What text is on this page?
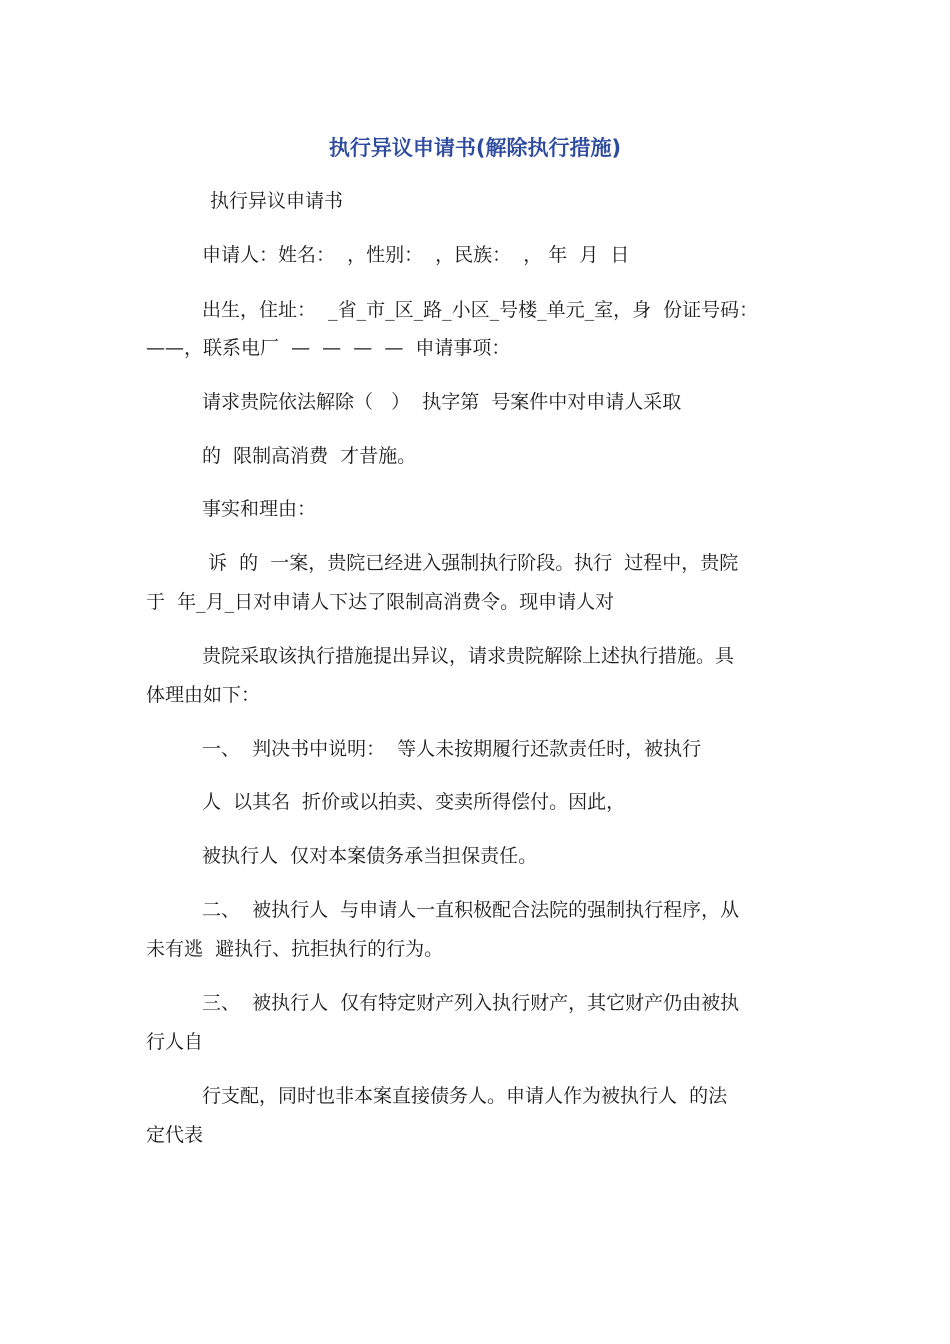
执行异议申请书(解除执行措施)

执行异议申请书

申请人：姓名：  ，性别：  ，民族：  ， 年  月  日

出生，住址：  _省_市_区_路_小区_号楼_单元_室，身  份证号码：

——，联系电厂  —  —  —  —  申请事项：

请求贵院依法解除（   ）  执字第  号案件中对申请人采取

的  限制高消费  才昔施。

事实和理由：

诉  的  一案，贵院已经进入强制执行阶段。执行  过程中，贵院

于  年_月_日对申请人下达了限制高消费令。现申请人对

贵院采取该执行措施提出异议，请求贵院解除上述执行措施。具

体理由如下：

一、  判决书中说明：  等人未按期履行还款责任时，被执行

人  以其名  折价或以拍卖、变卖所得偿付。因此，

被执行人  仅对本案债务承当担保责任。

二、  被执行人  与申请人一直积极配合法院的强制执行程序，从

未有逃  避执行、抗拒执行的行为。

三、  被执行人  仅有特定财产列入执行财产，其它财产仍由被执

行人自

行支配，同时也非本案直接债务人。申请人作为被执行人  的法

定代表
